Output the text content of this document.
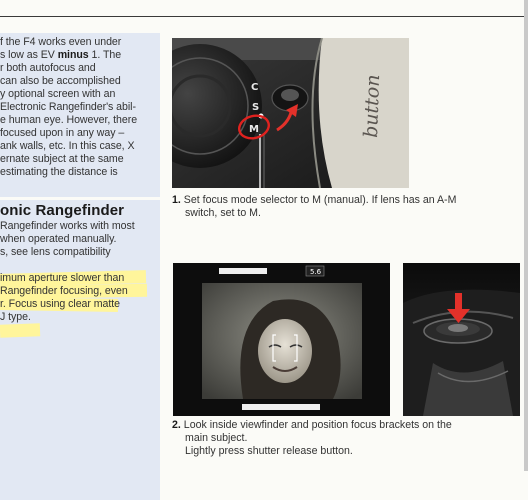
f the F4 works even under
s low as EV minus 1. The
r both autofocus and
can also be accomplished
y optional screen with an
Electronic Rangefinder's abil-
e human eye. However, there
focused upon in any way –
ank walls, etc. In this case, X
ernate subject at the same
estimating the distance is
onic Rangefinder
Rangefinder works with most
when operated manually.
s, see lens compatibility
imum aperture slower than
Rangefinder focusing, even
r. Focus using clear matte
J type.
button
C
S
M
1. Set focus mode selector to M (manual). If lens has an A-M
switch, set to M.
5.6
2. Look inside viewfinder and position focus brackets on the
main subject.
Lightly press shutter release button.
